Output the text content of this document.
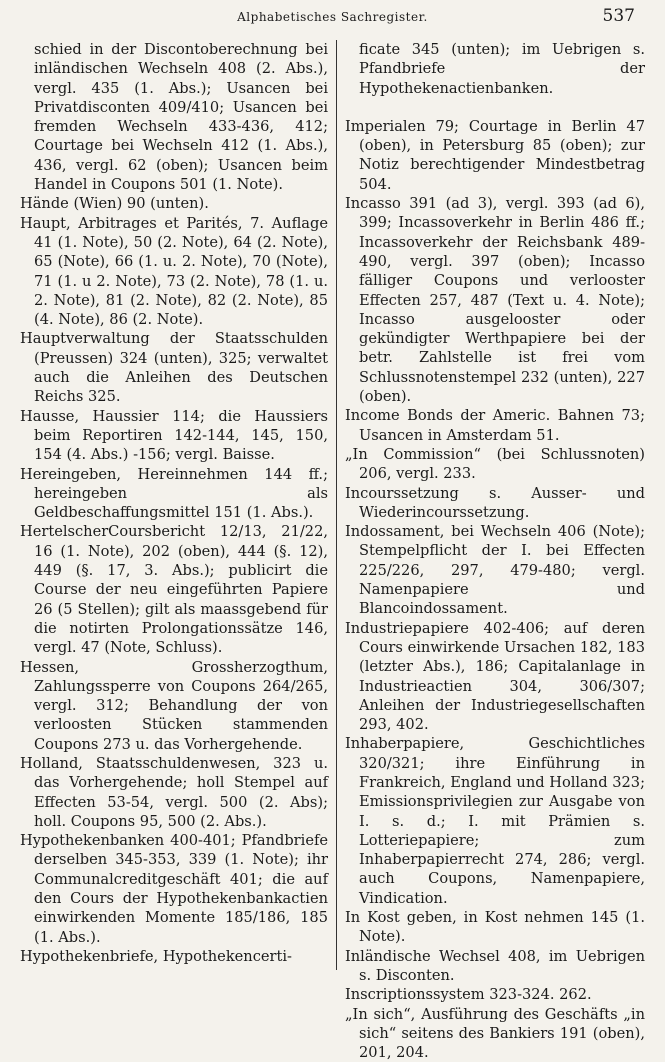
Alphabetisches Sachregister.	537

schied in der Discontoberechnung bei inländischen Wechseln 408 (2. Abs.), vergl. 435 (1. Abs.); Usancen bei Privatdisconten 409/410; Usancen bei fremden Wechseln 433-436, 412; Courtage bei Wechseln 412 (1. Abs.), 436, vergl. 62 (oben); Usancen beim Handel in Coupons 501 (1. Note).

Hände (Wien) 90 (unten).

Haupt, Arbitrages et Parités, 7. Auflage 41 (1. Note), 50 (2. Note), 64 (2. Note), 65 (Note), 66 (1. u. 2. Note), 70 (Note), 71 (1. u 2. Note), 73 (2. Note), 78 (1. u. 2. Note), 81 (2. Note), 82 (2. Note), 85 (4. Note), 86 (2. Note).

Hauptverwaltung der Staatsschulden (Preussen) 324 (unten), 325; verwaltet auch die Anleihen des Deutschen Reichs 325.

Hausse, Haussier 114; die Haussiers beim Reportiren 142-144, 145, 150, 154 (4. Abs.) -156; vergl. Baisse.

Hereingeben, Hereinnehmen 144 ff.; hereingeben als Geldbeschaffungsmittel 151 (1. Abs.).

HertelscherCoursbericht 12/13, 21/22, 16 (1. Note), 202 (oben), 444 (§. 12), 449 (§. 17, 3. Abs.); publicirt die Course der neu eingeführten Papiere 26 (5 Stellen); gilt als maassgebend für die notirten Prolongationssätze 146, vergl. 47 (Note, Schluss).

Hessen, Grossherzogthum, Zahlungssperre von Coupons 264/265, vergl. 312; Behandlung der von verloosten Stücken stammenden Coupons 273 u. das Vorhergehende.

Holland, Staatsschuldenwesen, 323 u. das Vorhergehende; holl Stempel auf Effecten 53-54, vergl. 500 (2. Abs); holl. Coupons 95, 500 (2. Abs.).

Hypothekenbanken 400-401; Pfandbriefe derselben 345-353, 339 (1. Note); ihr Communalcreditgeschäft 401; die auf den Cours der Hypothekenbankactien einwirkenden Momente 185/186, 185 (1. Abs.).

Hypothekenbriefe, Hypothekencerti-

ficate 345 (unten); im Uebrigen s. Pfandbriefe der Hypothekenactienbanken.

Imperialen 79; Courtage in Berlin 47 (oben), in Petersburg 85 (oben); zur Notiz berechtigender Mindestbetrag 504.

Incasso 391 (ad 3), vergl. 393 (ad 6), 399; Incassoverkehr in Berlin 486 ff.; Incassoverkehr der Reichsbank 489-490, vergl. 397 (oben); Incasso fälliger Coupons und verlooster Effecten 257, 487 (Text u. 4. Note); Incasso ausgelooster oder gekündigter Werthpapiere bei der betr. Zahlstelle ist frei vom Schlussnotenstempel 232 (unten), 227 (oben).

Income Bonds der Americ. Bahnen 73; Usancen in Amsterdam 51.

„In Commission“ (bei Schlussnoten) 206, vergl. 233.

Incourssetzung s. Ausser- und Wiederincourssetzung.

Indossament, bei Wechseln 406 (Note); Stempelpflicht der I. bei Effecten 225/226, 297, 479-480; vergl. Namenpapiere und Blancoindossament.

Industriepapiere 402-406; auf deren Cours einwirkende Ursachen 182, 183 (letzter Abs.), 186; Capitalanlage in Industrieactien 304, 306/307; Anleihen der Industriegesellschaften 293, 402.

Inhaberpapiere, Geschichtliches 320/321; ihre Einführung in Frankreich, England und Holland 323; Emissionsprivilegien zur Ausgabe von I. s. d.; I. mit Prämien s. Lotteriepapiere; zum Inhaberpapierrecht 274, 286; vergl. auch Coupons, Namenpapiere, Vindication.

In Kost geben, in Kost nehmen 145 (1. Note).

Inländische Wechsel 408, im Uebrigen s. Disconten.

Inscriptionssystem 323-324. 262.

„In sich“, Ausführung des Geschäfts „in sich“ seitens des Bankiers 191 (oben), 201, 204.
